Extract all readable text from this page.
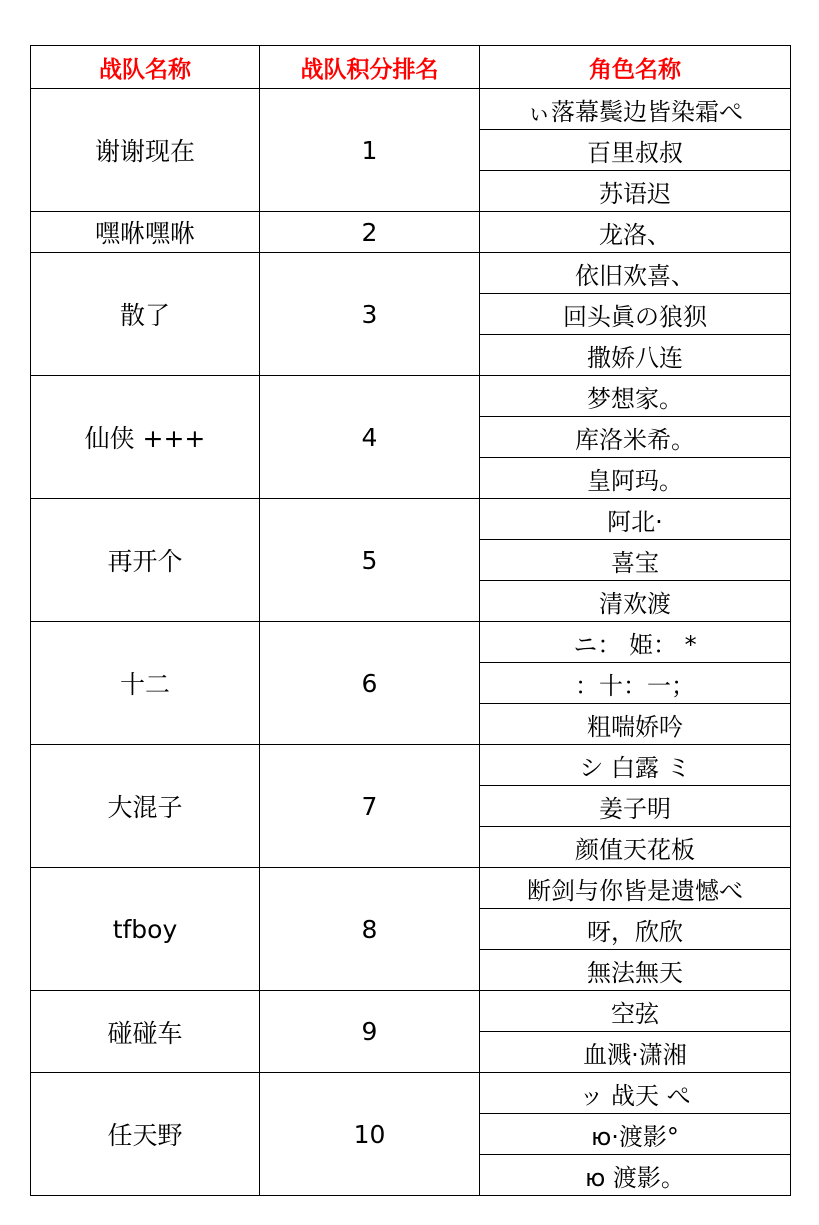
战队名称	战队积分排名	角色名称
谢谢现在	1	ぃ落幕鬓边皆染霜ぺ
		百里叔叔
		苏语迟
嘿咻嘿咻	2	龙洛、
散了	3	依旧欢喜、
		回头眞の狼狈
		撒娇八连
仙侠 +++	4	梦想家。
		库洛米希。
		皇阿玛。
再开个	5	阿北·
		喜宝
		清欢渡
十二	6	ニ： 姫： *
		：十：一；
		粗喘娇吟
大混子	7	シ 白露 ミ
		姜子明
		颜值天花板
tfboy	8	断剑与你皆是遗憾べ
		呀，欣欣
		無法無天
碰碰车	9	空弦
		血溅·潇湘
任天野	10	ッ 战天 ぺ
		ю·渡影°
		ю 渡影。
